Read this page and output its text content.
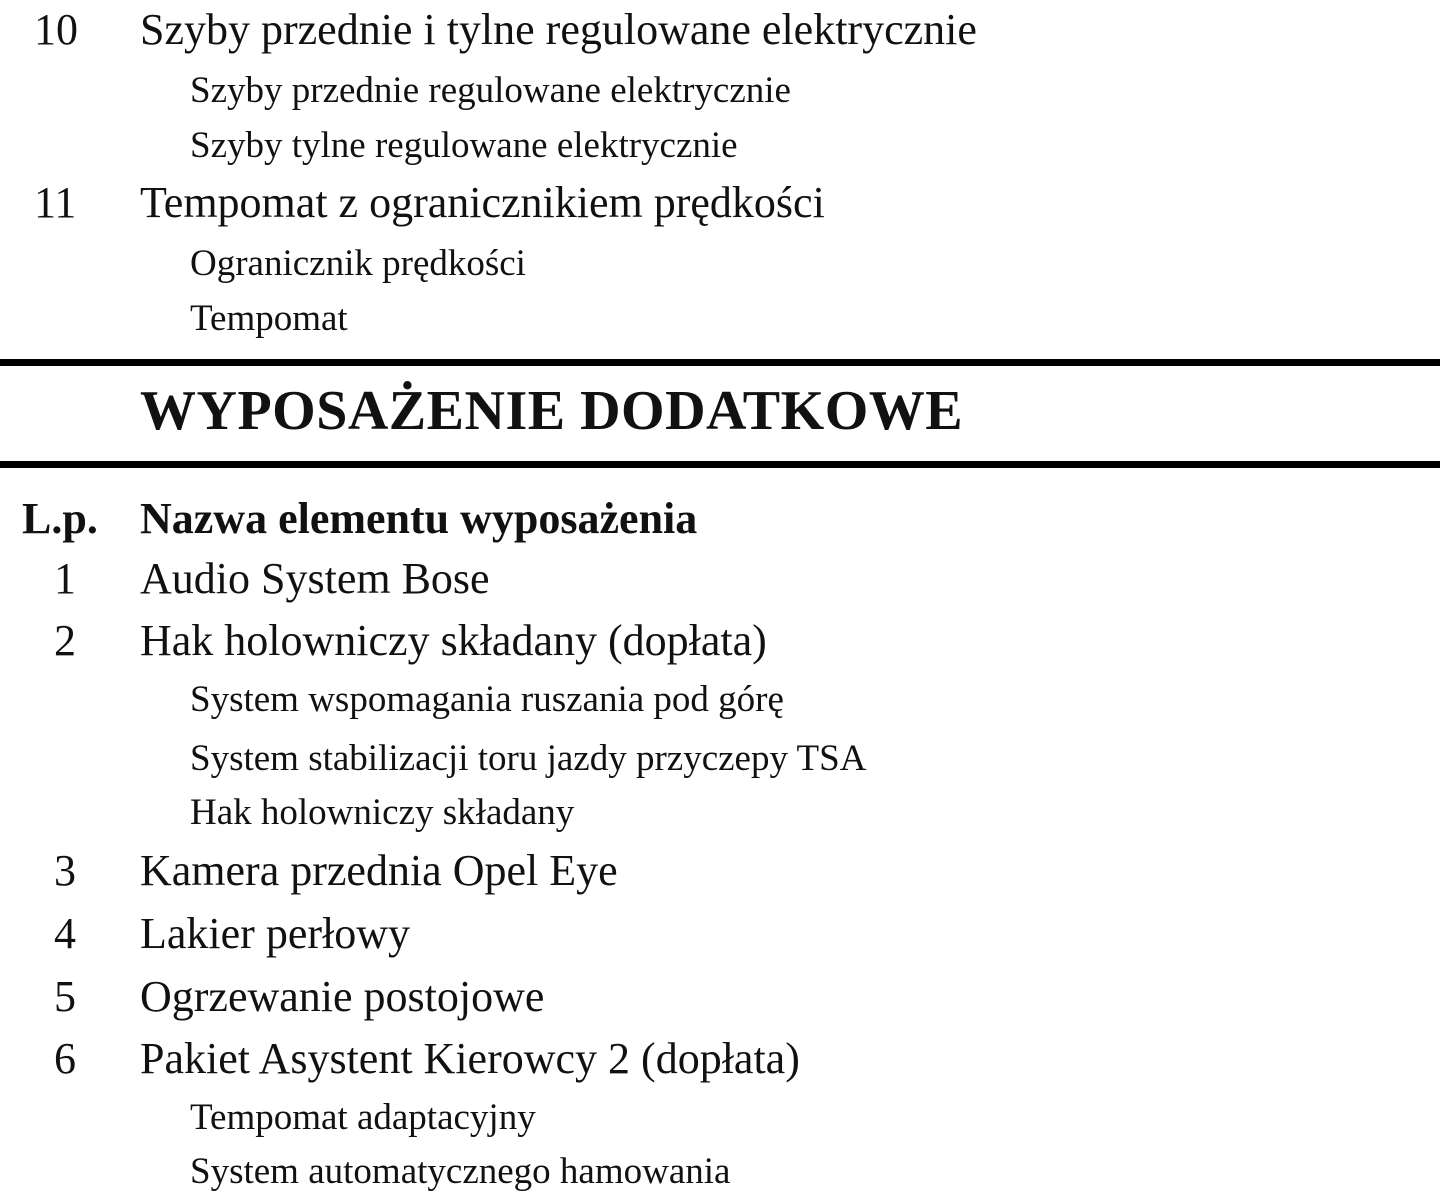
10 Szyby przednie i tylne regulowane elektrycznie
Szyby przednie regulowane elektrycznie
Szyby tylne regulowane elektrycznie
11 Tempomat z ogranicznikiem prędkości
Ogranicznik prędkości
Tempomat
WYPOSAŻENIE DODATKOWE
L.p. Nazwa elementu wyposażenia
1 Audio System Bose
2 Hak holowniczy składany (dopłata)
System wspomagania ruszania pod górę
System stabilizacji toru jazdy przyczepy TSA
Hak holowniczy składany
3 Kamera przednia Opel Eye
4 Lakier perłowy
5 Ogrzewanie postojowe
6 Pakiet Asystent Kierowcy 2 (dopłata)
Tempomat adaptacyjny
System automatycznego hamowania
